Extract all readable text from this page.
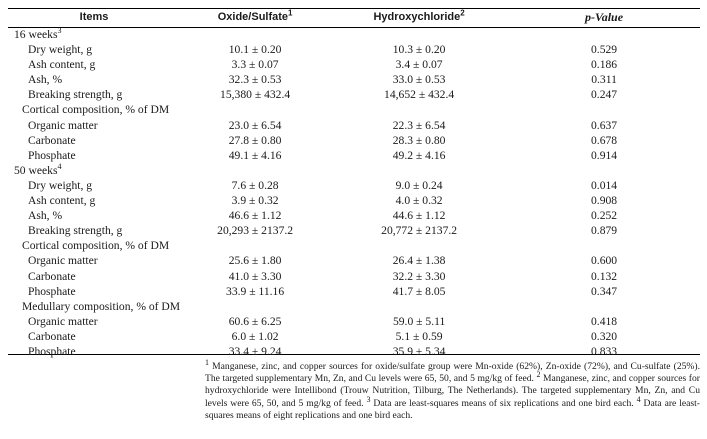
Items	Oxide/Sulfate$^1$	Hydroxychloride$^2$	p-Value
16 weeks$^3$			
Dry weight, g	10.1 ± 0.20	10.3 ± 0.20	0.529
Ash content, g	3.3 ± 0.07	3.4 ± 0.07	0.186
Ash, %	32.3 ± 0.53	33.0 ± 0.53	0.311
Breaking strength, g	15,380 ± 432.4	14,652 ± 432.4	0.247
Cortical composition, % of DM			
Organic matter	23.0 ± 6.54	22.3 ± 6.54	0.637
Carbonate	27.8 ± 0.80	28.3 ± 0.80	0.678
Phosphate	49.1 ± 4.16	49.2 ± 4.16	0.914
50 weeks$^4$			
Dry weight, g	7.6 ± 0.28	9.0 ± 0.24	0.014
Ash content, g	3.9 ± 0.32	4.0 ± 0.32	0.908
Ash, %	46.6 ± 1.12	44.6 ± 1.12	0.252
Breaking strength, g	20,293 ± 2137.2	20,772 ± 2137.2	0.879
Cortical composition, % of DM			
Organic matter	25.6 ± 1.80	26.4 ± 1.38	0.600
Carbonate	41.0 ± 3.30	32.2 ± 3.30	0.132
Phosphate	33.9 ± 11.16	41.7 ± 8.05	0.347
Medullary composition, % of DM			
Organic matter	60.6 ± 6.25	59.0 ± 5.11	0.418
Carbonate	6.0 ± 1.02	5.1 ± 0.59	0.320
Phosphate	33.4 ± 9.24	35.9 ± 5.34	0.833
$^1$ Manganese, zinc, and copper sources for oxide/sulfate group were Mn-oxide (62%), Zn-oxide (72%), and Cu-sulfate (25%). The targeted supplementary Mn, Zn, and Cu levels were 65, 50, and 5 mg/kg of feed. $^2$ Manganese, zinc, and copper sources for hydroxychloride were Intellibond (Trouw Nutrition, Tilburg, The Netherlands). The targeted supplementary Mn, Zn, and Cu levels were 65, 50, and 5 mg/kg of feed. $^3$ Data are least-squares means of six replications and one bird each. $^4$ Data are least-squares means of eight replications and one bird each.
